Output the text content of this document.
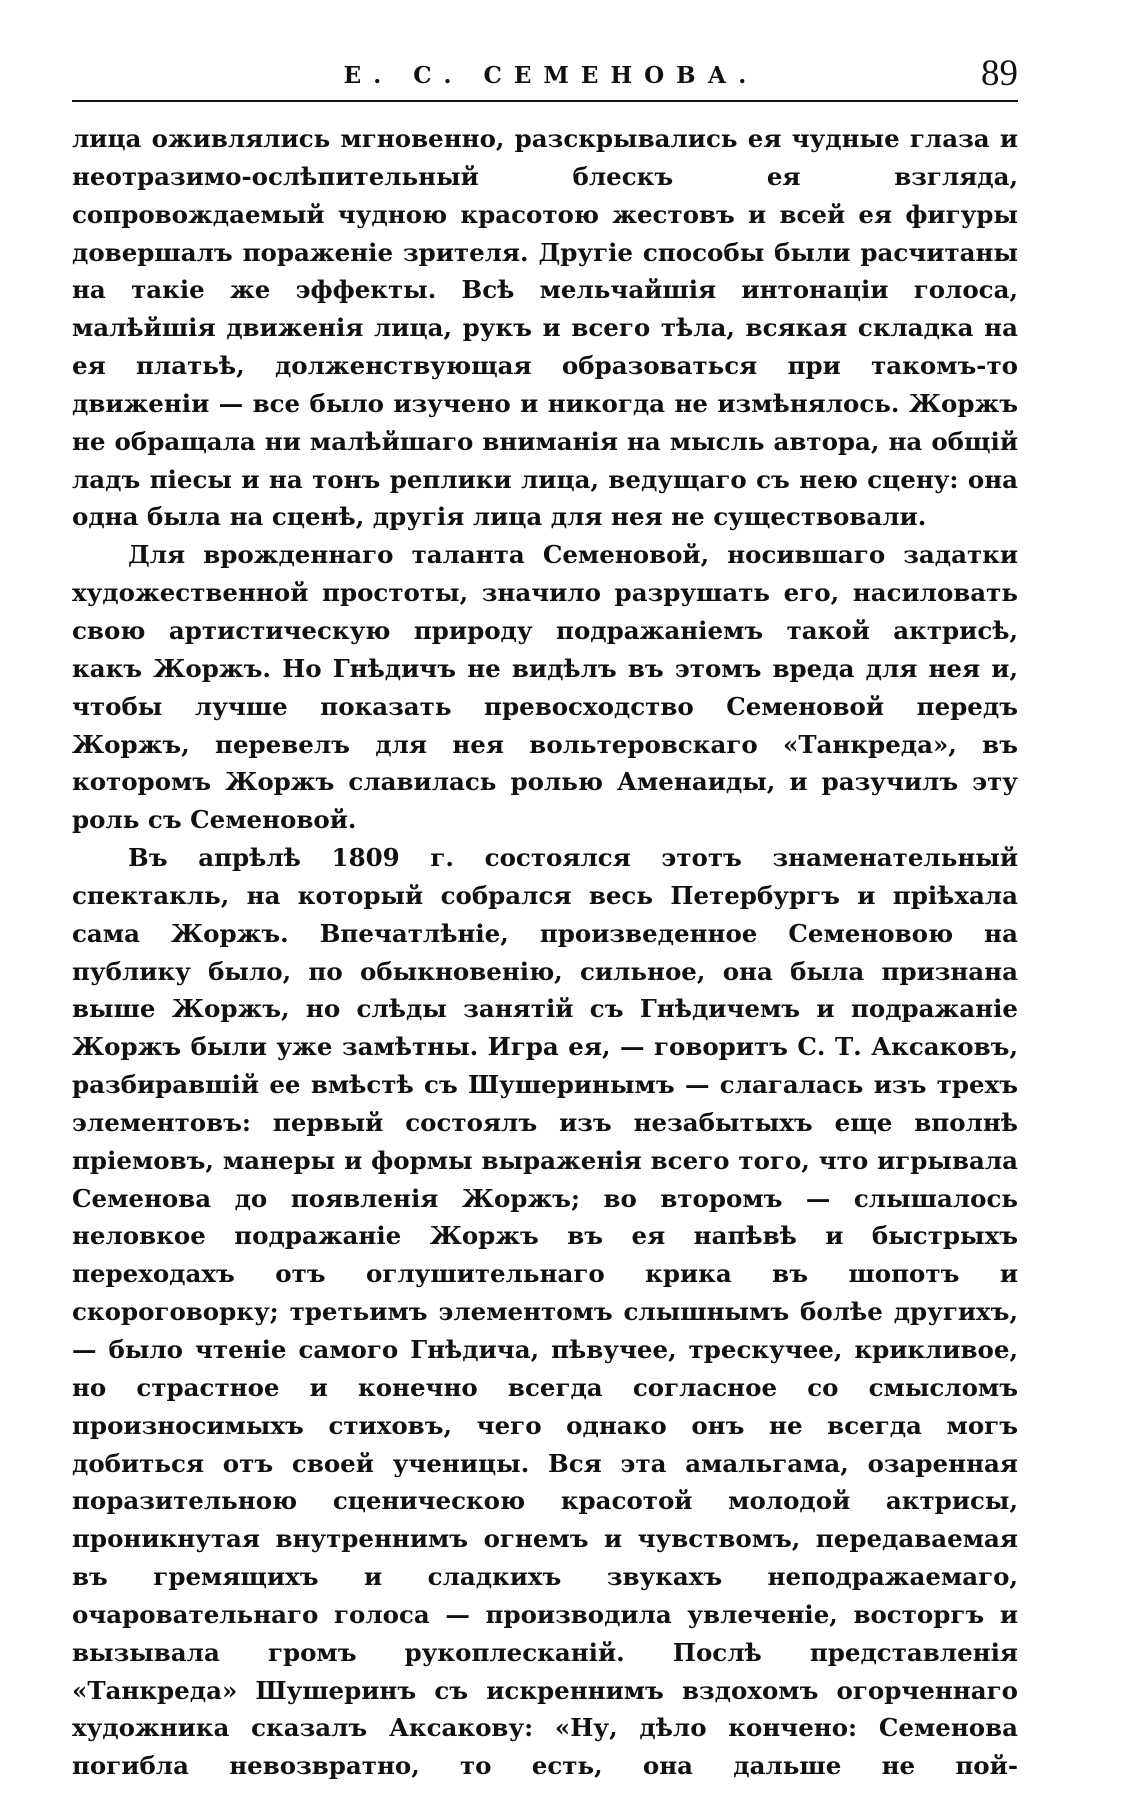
Е. С. СЕМЕНОВА.	89

лица оживлялись мгновенно, разскрывались ея чудные глаза и неотразимо-ослѣпительный блескъ ея взгляда, сопровождаемый чудною красотою жестовъ и всей ея фигуры довершалъ пораженіе зрителя. Другіе способы были расчитаны на такіе же эффекты. Всѣ мельчайшія интонаціи голоса, малѣйшія движенія лица, рукъ и всего тѣла, всякая складка на ея платьѣ, долженствующая образоваться при такомъ-то движеніи — все было изучено и никогда не измѣнялось. Жоржъ не обращала ни малѣйшаго вниманія на мысль автора, на общій ладъ піесы и на тонъ реплики лица, ведущаго съ нею сцену: она одна была на сценѣ, другія лица для нея не существовали.

Для врожденнаго таланта Семеновой, носившаго задатки художественной простоты, значило разрушать его, насиловать свою артистическую природу подражаніемъ такой актрисѣ, какъ Жоржъ. Но Гнѣдичъ не видѣлъ въ этомъ вреда для нея и, чтобы лучше показать превосходство Семеновой передъ Жоржъ, перевелъ для нея вольтеровскаго «Танкреда», въ которомъ Жоржъ славилась ролью Аменаиды, и разучилъ эту роль съ Семеновой.

Въ апрѣлѣ 1809 г. состоялся этотъ знаменательный спектакль, на который собрался весь Петербургъ и пріѣхала сама Жоржъ. Впечатлѣніе, произведенное Семеновою на публику было, по обыкновенію, сильное, она была признана выше Жоржъ, но слѣды занятій съ Гнѣдичемъ и подражаніе Жоржъ были уже замѣтны. Игра ея, — говоритъ С. Т. Аксаковъ, разбиравшій ее вмѣстѣ съ Шушеринымъ — слагалась изъ трехъ элементовъ: первый состоялъ изъ незабытыхъ еще вполнѣ пріемовъ, манеры и формы выраженія всего того, что игрывала Семенова до появленія Жоржъ; во второмъ — слышалось неловкое подражаніе Жоржъ въ ея напѣвѣ и быстрыхъ переходахъ отъ оглушительнаго крика въ шопотъ и скороговорку; третьимъ элементомъ слышнымъ болѣе другихъ, — было чтеніе самого Гнѣдича, пѣвучее, трескучее, крикливое, но страстное и конечно всегда согласное со смысломъ произносимыхъ стиховъ, чего однако онъ не всегда могъ добиться отъ своей ученицы. Вся эта амальгама, озаренная поразительною сценическою красотой молодой актрисы, проникнутая внутреннимъ огнемъ и чувствомъ, передаваемая въ гремящихъ и сладкихъ звукахъ неподражаемаго, очаровательнаго голоса — производила увлеченіе, восторгъ и вызывала громъ рукоплесканій. Послѣ представленія «Танкреда» Шушеринъ съ искреннимъ вздохомъ огорченнаго художника сказалъ Аксакову: «Ну, дѣло кончено: Семенова погибла невозвратно, то есть, она дальше не пой-
